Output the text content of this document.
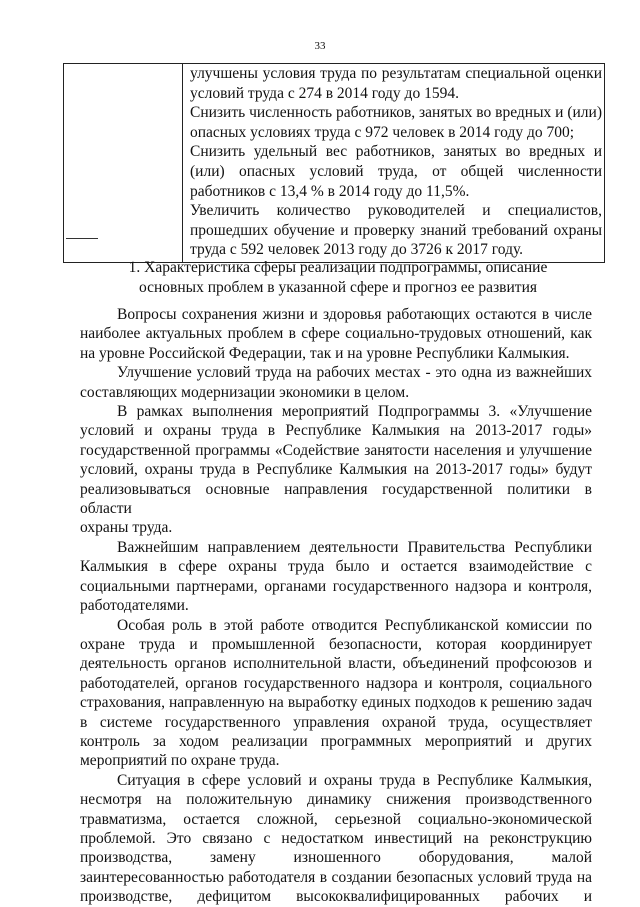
33

улучшены условия труда по результатам специальной оценки
условий труда с 274 в 2014 году до 1594.
Снизить численность работников, занятых во вредных и (или)
опасных условиях труда с 972 человек в 2014 году до 700;
Снизить удельный вес работников, занятых во вредных и
(или) опасных условий труда, от общей численности
работников с 13,4 % в 2014 году до 11,5%.
Увеличить количество руководителей и специалистов,
прошедших обучение и проверку знаний требований охраны
труда с 592 человек 2013 году до 3726 к 2017 году.
1. Характеристика сферы реализации подпрограммы, описание
основных проблем в указанной сфере и прогноз ее развития

Вопросы сохранения жизни и здоровья работающих остаются в числе
наиболее актуальных проблем в сфере социально-трудовых отношений, как
на уровне Российской Федерации, так и на уровне Республики Калмыкия.

Улучшение условий труда на рабочих местах - это одна из важнейших
составляющих модернизации экономики в целом.

В рамках выполнения мероприятий Подпрограммы 3. «Улучшение
условий и охраны труда в Республике Калмыкия на 2013-2017 годы»
государственной программы «Содействие занятости населения и улучшение
условий, охраны труда в Республике Калмыкия на 2013-2017 годы» будут
реализовываться основные направления государственной политики в области
охраны труда.

Важнейшим направлением деятельности Правительства Республики
Калмыкия в сфере охраны труда было и остается взаимодействие с
социальными партнерами, органами государственного надзора и контроля,
работодателями.

Особая роль в этой работе отводится Республиканской комиссии по
охране труда и промышленной безопасности, которая координирует
деятельность органов исполнительной власти, объединений профсоюзов и
работодателей, органов государственного надзора и контроля, социального
страхования, направленную на выработку единых подходов к решению задач
в системе государственного управления охраной труда, осуществляет
контроль за ходом реализации программных мероприятий и других
мероприятий по охране труда.

Ситуация в сфере условий и охраны труда в Республике Калмыкия,
несмотря на положительную динамику снижения производственного
травматизма, остается сложной, серьезной социально-экономической
проблемой. Это связано с недостатком инвестиций на реконструкцию
производства, замену изношенного оборудования, малой
заинтересованностью работодателя в создании безопасных условий труда на
производстве, дефицитом высококвалифицированных рабочих и
